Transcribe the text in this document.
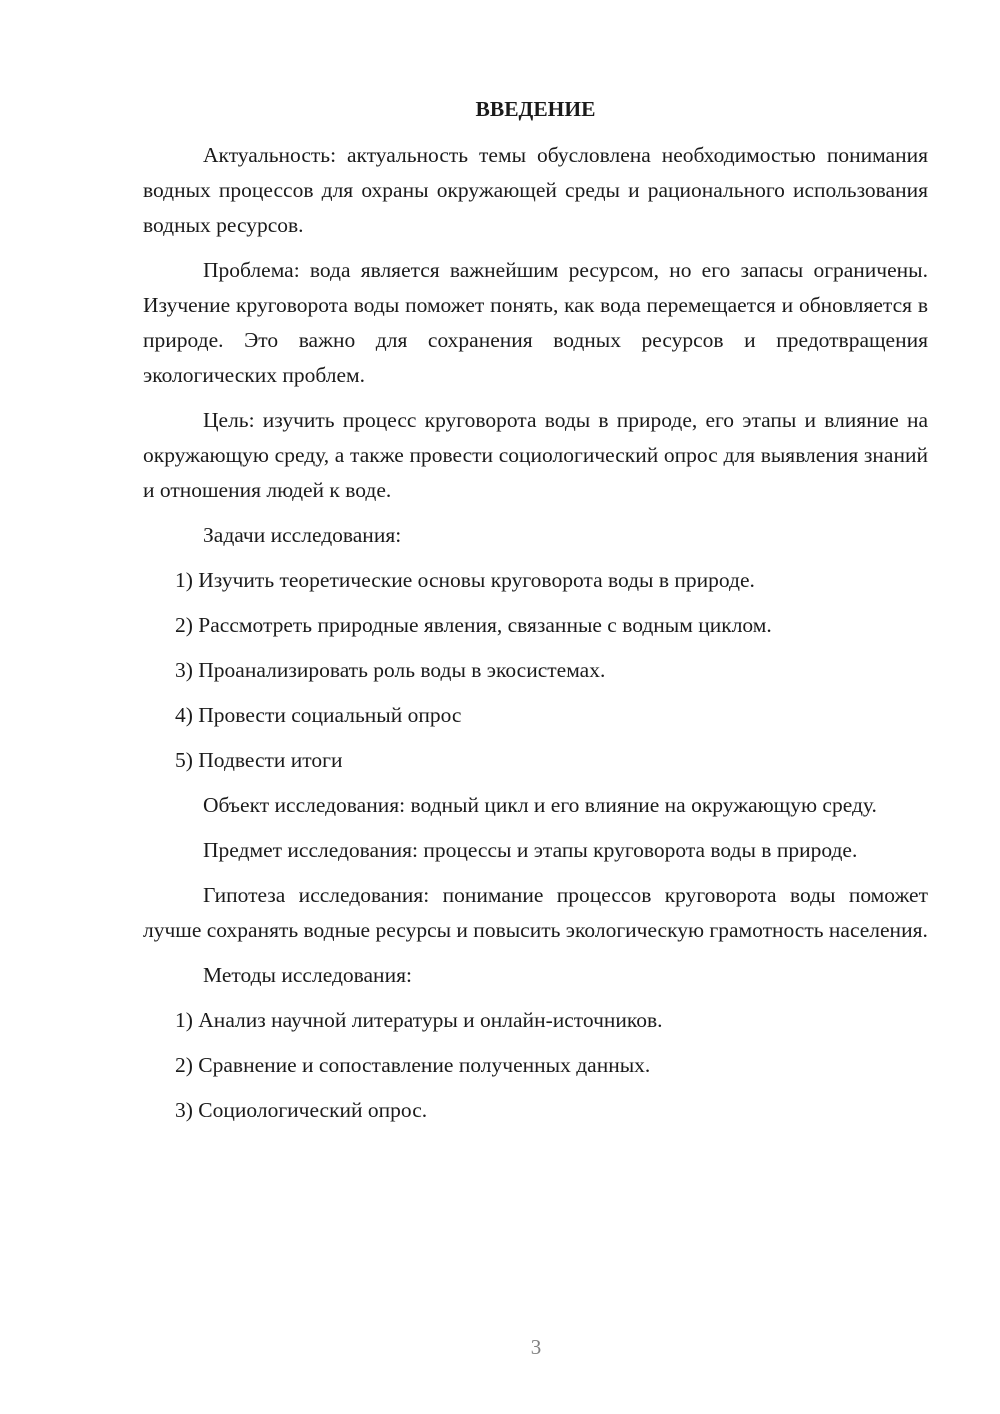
ВВЕДЕНИЕ

Актуальность: актуальность темы обусловлена необходимостью понимания водных процессов для охраны окружающей среды и рационального использования водных ресурсов.

Проблема: вода является важнейшим ресурсом, но его запасы ограничены. Изучение круговорота воды поможет понять, как вода перемещается и обновляется в природе. Это важно для сохранения водных ресурсов и предотвращения экологических проблем.

Цель: изучить процесс круговорота воды в природе, его этапы и влияние на окружающую среду, а также провести социологический опрос для выявления знаний и отношения людей к воде.

Задачи исследования:
1) Изучить теоретические основы круговорота воды в природе.
2) Рассмотреть природные явления, связанные с водным циклом.
3) Проанализировать роль воды в экосистемах.
4) Провести социальный опрос
5) Подвести итоги

Объект исследования: водный цикл и его влияние на окружающую среду.

Предмет исследования: процессы и этапы круговорота воды в природе.

Гипотеза исследования: понимание процессов круговорота воды поможет лучше сохранять водные ресурсы и повысить экологическую грамотность населения.

Методы исследования:
1) Анализ научной литературы и онлайн-источников.
2) Сравнение и сопоставление полученных данных.
3) Социологический опрос.
3
